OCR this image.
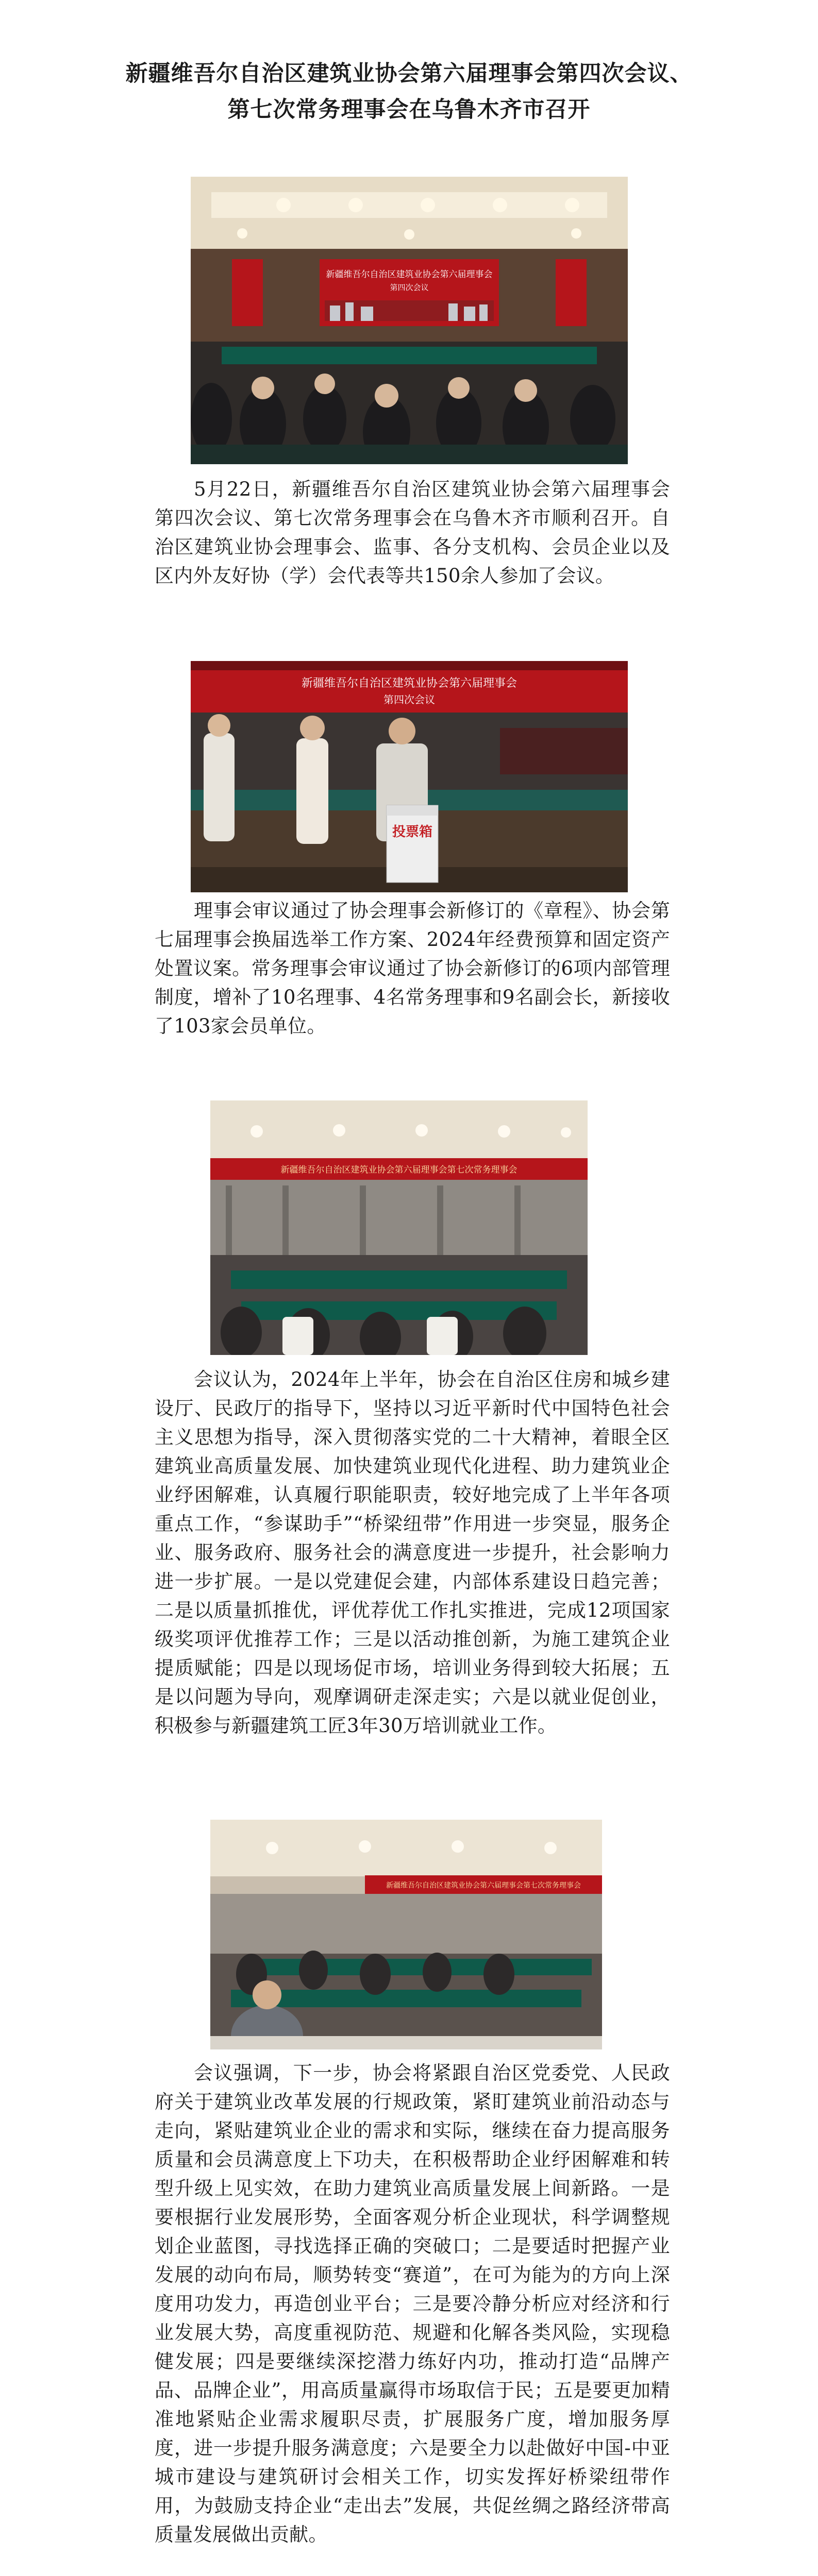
新疆维吾尔自治区建筑业协会第六届理事会第四次会议、
第七次常务理事会在乌鲁木齐市召开
新疆维吾尔自治区建筑业协会第六届理事会
第四次会议

5月22日，新疆维吾尔自治区建筑业协会第六届理事会第四次会议、第七次常务理事会在乌鲁木齐市顺利召开。自治区建筑业协会理事会、监事、各分支机构、会员企业以及区内外友好协（学）会代表等共150余人参加了会议。

新疆维吾尔自治区建筑业协会第六届理事会
第四次会议
投票箱

理事会审议通过了协会理事会新修订的《章程》、协会第七届理事会换届选举工作方案、2024年经费预算和固定资产处置议案。常务理事会审议通过了协会新修订的6项内部管理制度，增补了10名理事、4名常务理事和9名副会长，新接收了103家会员单位。

新疆维吾尔自治区建筑业协会第六届理事会第七次常务理事会

会议认为，2024年上半年，协会在自治区住房和城乡建设厅、民政厅的指导下，坚持以习近平新时代中国特色社会主义思想为指导，深入贯彻落实党的二十大精神，着眼全区建筑业高质量发展、加快建筑业现代化进程、助力建筑业企业纾困解难，认真履行职能职责，较好地完成了上半年各项重点工作，“参谋助手”“桥梁纽带”作用进一步突显，服务企业、服务政府、服务社会的满意度进一步提升，社会影响力进一步扩展。一是以党建促会建，内部体系建设日趋完善；二是以质量抓推优，评优荐优工作扎实推进，完成12项国家级奖项评优推荐工作；三是以活动推创新，为施工建筑企业提质赋能；四是以现场促市场，培训业务得到较大拓展；五是以问题为导向，观摩调研走深走实；六是以就业促创业，积极参与新疆建筑工匠3年30万培训就业工作。

新疆维吾尔自治区建筑业协会第六届理事会第七次常务理事会

会议强调，下一步，协会将紧跟自治区党委党、人民政府关于建筑业改革发展的行规政策，紧盯建筑业前沿动态与走向，紧贴建筑业企业的需求和实际，继续在奋力提高服务质量和会员满意度上下功夫，在积极帮助企业纾困解难和转型升级上见实效，在助力建筑业高质量发展上间新路。一是要根据行业发展形势，全面客观分析企业现状，科学调整规划企业蓝图，寻找选择正确的突破口；二是要适时把握产业发展的动向布局，顺势转变“赛道”，在可为能为的方向上深度用功发力，再造创业平台；三是要冷静分析应对经济和行业发展大势，高度重视防范、规避和化解各类风险，实现稳健发展；四是要继续深挖潜力练好内功，推动打造“品牌产品、品牌企业”，用高质量赢得市场取信于民；五是要更加精准地紧贴企业需求履职尽责，扩展服务广度，增加服务厚度，进一步提升服务满意度；六是要全力以赴做好中国-中亚城市建设与建筑研讨会相关工作，切实发挥好桥梁纽带作用，为鼓励支持企业“走出去”发展，共促丝绸之路经济带高质量发展做出贡献。
